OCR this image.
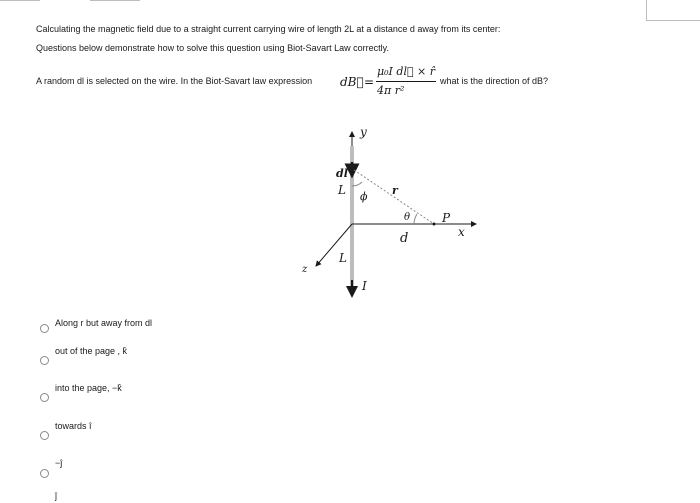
Calculating the magnetic field due to a straight current carrying wire of length 2L at a distance d away from its center:
Questions below demonstrate how to solve this question using Biot-Savart Law correctly.
A random dl is selected on the wire. In the Biot-Savart law expression dB⃗ =
μ₀I dl⃗ × r̂
4π r²
what is the direction of dB?
y
x
z
dl
L
L
ϕ r
θ
d
P
I
Along r but away from dl
out of the page , k̂
into the page, −k̂
towards î
−ĵ
ĵ
